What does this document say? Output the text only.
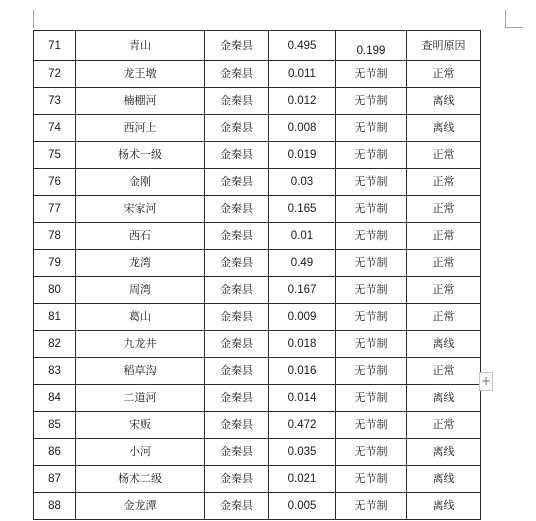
71	青山	金秦县	0.495	0.199	查明原因
72	龙王墩	金秦县	0.011	无节制	正常
73	楠棚河	金秦县	0.012	无节制	离线
74	西河上	金秦县	0.008	无节制	离线
75	杨术一级	金秦县	0.019	无节制	正常
76	金刚	金秦县	0.03	无节制	正常
77	宋家河	金秦县	0.165	无节制	正常
78	西石	金秦县	0.01	无节制	正常
79	龙湾	金秦县	0.49	无节制	正常
80	周湾	金秦县	0.167	无节制	正常
81	葛山	金秦县	0.009	无节制	正常
82	九龙井	金秦县	0.018	无节制	离线
83	稻草沟	金秦县	0.016	无节制	正常
84	二道河	金秦县	0.014	无节制	离线
85	宋贩	金秦县	0.472	无节制	正常
86	小河	金秦县	0.035	无节制	离线
87	杨术二级	金秦县	0.021	无节制	离线
88	金龙潭	金秦县	0.005	无节制	离线
+
